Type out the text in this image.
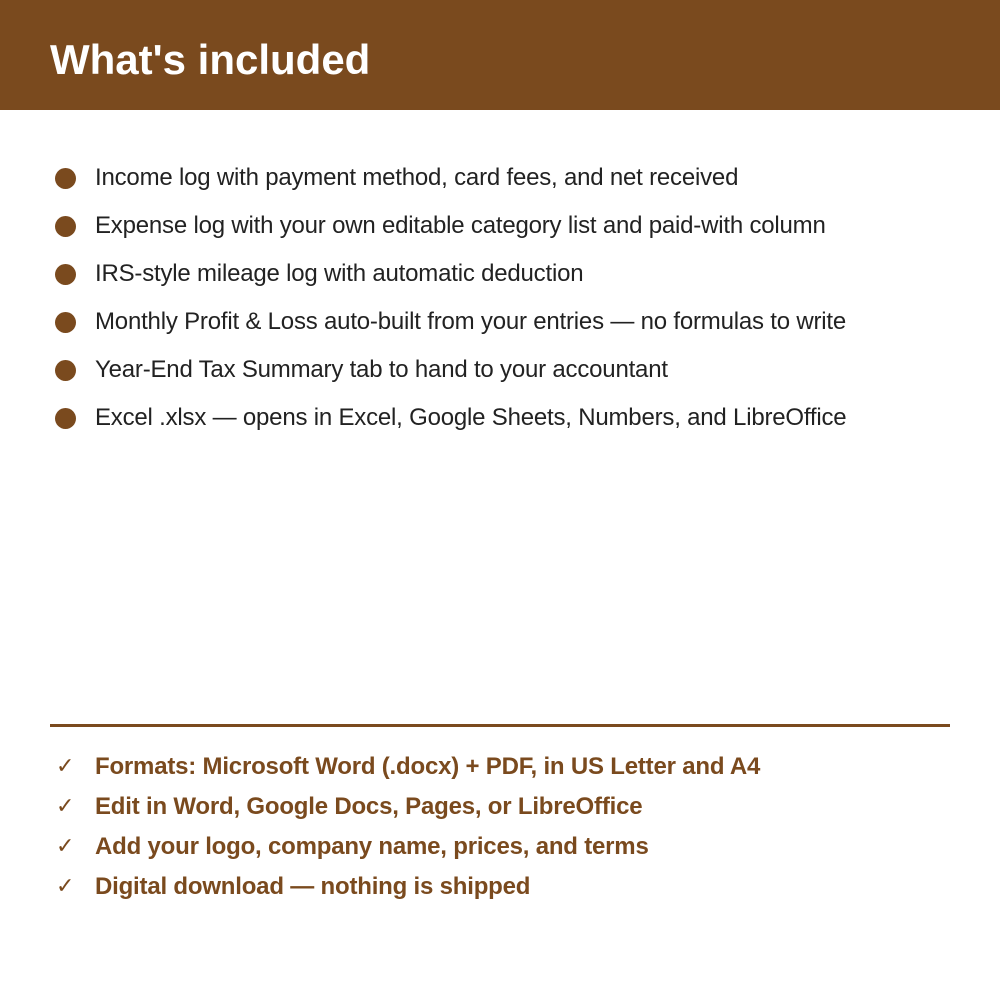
What's included
Income log with payment method, card fees, and net received
Expense log with your own editable category list and paid-with column
IRS-style mileage log with automatic deduction
Monthly Profit & Loss auto-built from your entries — no formulas to write
Year-End Tax Summary tab to hand to your accountant
Excel .xlsx — opens in Excel, Google Sheets, Numbers, and LibreOffice
✓ Formats: Microsoft Word (.docx) + PDF, in US Letter and A4
✓ Edit in Word, Google Docs, Pages, or LibreOffice
✓ Add your logo, company name, prices, and terms
✓ Digital download — nothing is shipped
